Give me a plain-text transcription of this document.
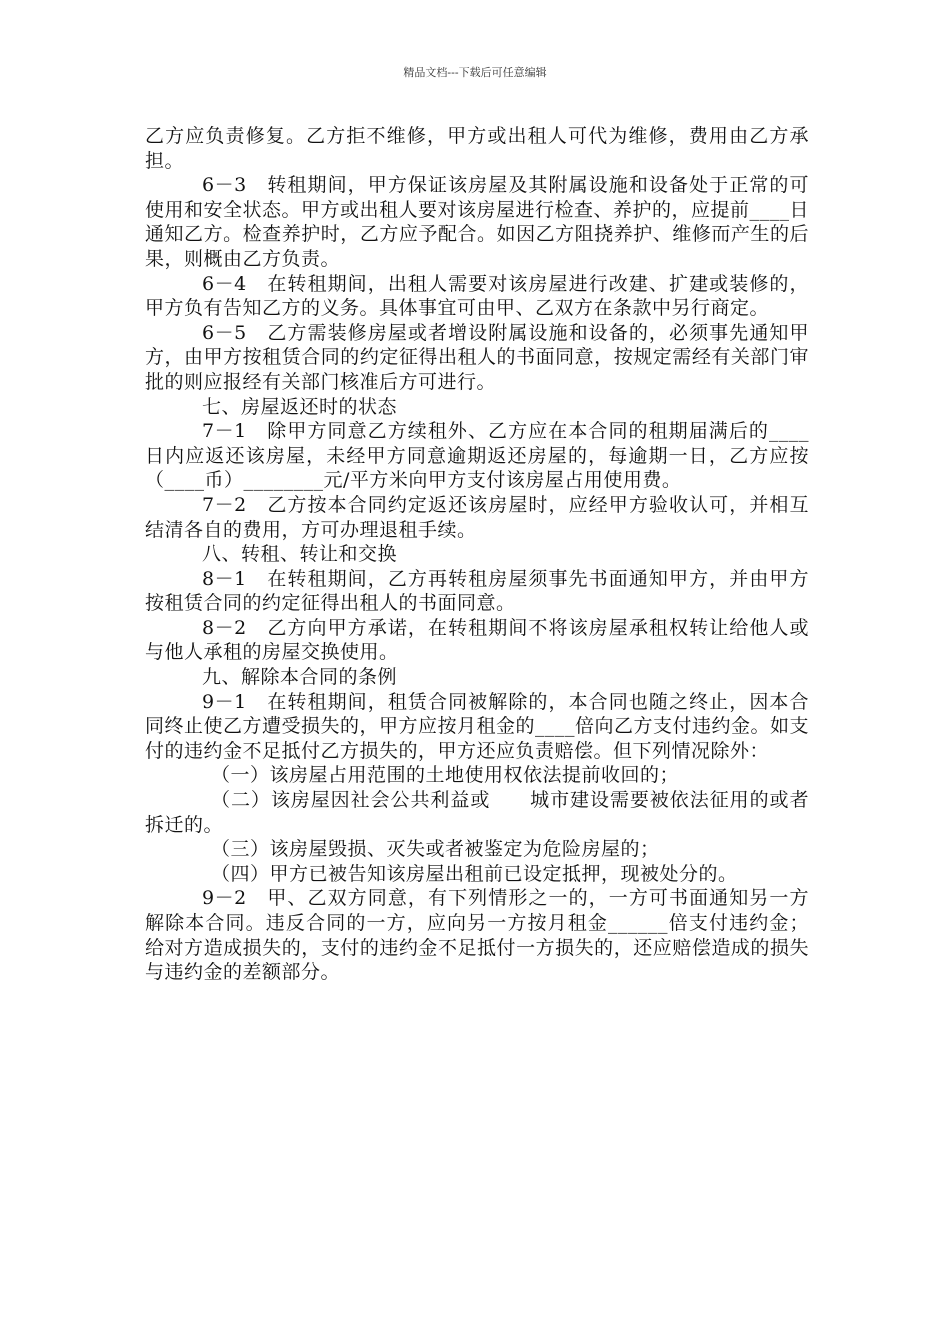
精品文档---下载后可任意编辑

乙方应负责修复。乙方拒不维修，甲方或出租人可代为维修，费用由乙方承担。

6－3　转租期间，甲方保证该房屋及其附属设施和设备处于正常的可使用和安全状态。甲方或出租人要对该房屋进行检查、养护的，应提前____日通知乙方。检查养护时，乙方应予配合。如因乙方阻挠养护、维修而产生的后果，则概由乙方负责。

6－4　在转租期间，出租人需要对该房屋进行改建、扩建或装修的，甲方负有告知乙方的义务。具体事宜可由甲、乙双方在条款中另行商定。

6－5　乙方需装修房屋或者增设附属设施和设备的，必须事先通知甲方，由甲方按租赁合同的约定征得出租人的书面同意，按规定需经有关部门审批的则应报经有关部门核准后方可进行。

七、房屋返还时的状态

7－1　除甲方同意乙方续租外、乙方应在本合同的租期届满后的____日内应返还该房屋，未经甲方同意逾期返还房屋的，每逾期一日，乙方应按（____币）________元/平方米向甲方支付该房屋占用使用费。

7－2　乙方按本合同约定返还该房屋时，应经甲方验收认可，并相互结清各自的费用，方可办理退租手续。

八、转租、转让和交换

8－1　在转租期间，乙方再转租房屋须事先书面通知甲方，并由甲方按租赁合同的约定征得出租人的书面同意。

8－2　乙方向甲方承诺，在转租期间不将该房屋承租权转让给他人或与他人承租的房屋交换使用。

九、解除本合同的条例

9－1　在转租期间，租赁合同被解除的，本合同也随之终止，因本合同终止使乙方遭受损失的，甲方应按月租金的____倍向乙方支付违约金。如支付的违约金不足抵付乙方损失的，甲方还应负责赔偿。但下列情况除外：

（一）该房屋占用范围的土地使用权依法提前收回的；

（二）该房屋因社会公共利益或　　城市建设需要被依法征用的或者拆迁的。

（三）该房屋毁损、灭失或者被鉴定为危险房屋的；

（四）甲方已被告知该房屋出租前已设定抵押，现被处分的。

9－2　甲、乙双方同意，有下列情形之一的，一方可书面通知另一方解除本合同。违反合同的一方，应向另一方按月租金______倍支付违约金；给对方造成损失的，支付的违约金不足抵付一方损失的，还应赔偿造成的损失与违约金的差额部分。
